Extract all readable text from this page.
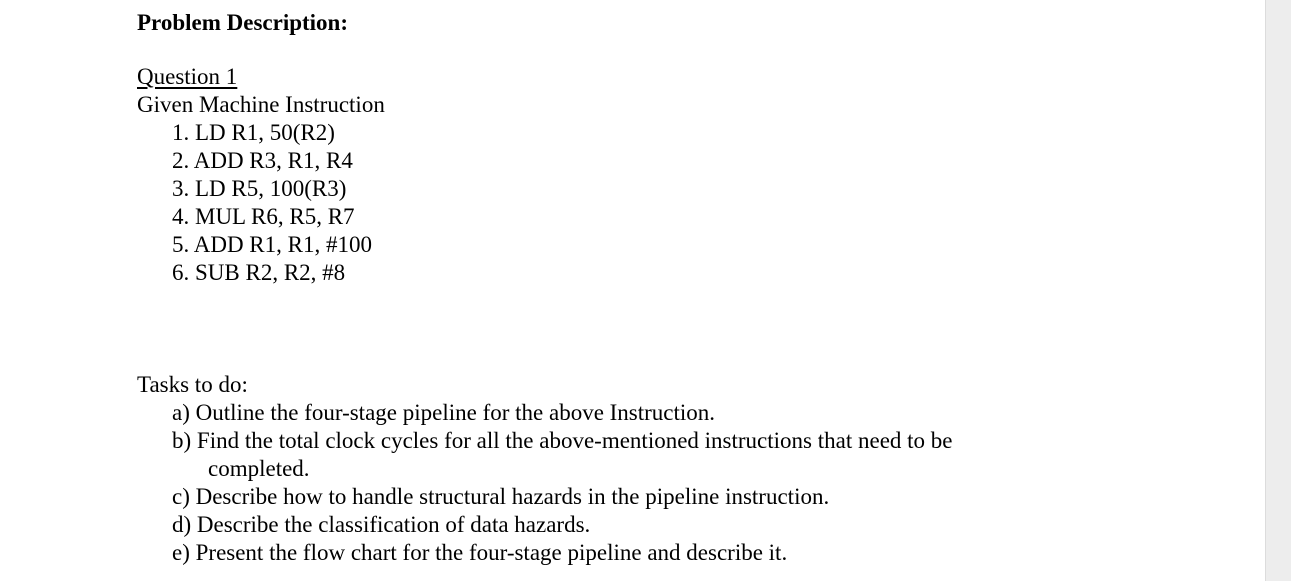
Problem Description:
Question 1
Given Machine Instruction
1. LD R1, 50(R2)
2. ADD R3, R1, R4
3. LD R5, 100(R3)
4. MUL R6, R5, R7
5. ADD R1, R1, #100
6. SUB R2, R2, #8
Tasks to do:
a) Outline the four-stage pipeline for the above Instruction.
b) Find the total clock cycles for all the above-mentioned instructions that need to be
completed.
c) Describe how to handle structural hazards in the pipeline instruction.
d) Describe the classification of data hazards.
e) Present the flow chart for the four-stage pipeline and describe it.
